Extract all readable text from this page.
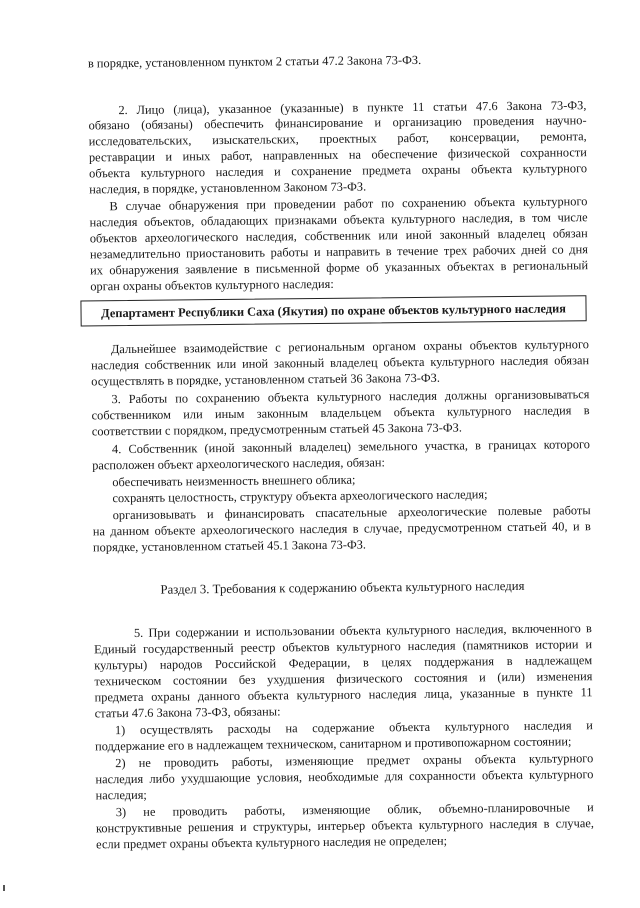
в порядке, установленном пунктом 2 статьи 47.2 Закона 73-ФЗ.

2. Лицо (лица), указанное (указанные) в пункте 11 статьи 47.6 Закона 73-ФЗ,

обязано (обязаны) обеспечить финансирование и организацию проведения научно-

исследовательских, изыскательских, проектных работ, консервации, ремонта,

реставрации и иных работ, направленных на обеспечение физической сохранности

объекта культурного наследия и сохранение предмета охраны объекта культурного

наследия, в порядке, установленном Законом 73-ФЗ.

В случае обнаружения при проведении работ по сохранению объекта культурного

наследия объектов, обладающих признаками объекта культурного наследия, в том числе

объектов археологического наследия, собственник или иной законный владелец обязан

незамедлительно приостановить работы и направить в течение трех рабочих дней со дня

их обнаружения заявление в письменной форме об указанных объектах в региональный

орган охраны объектов культурного наследия:

Департамент Республики Саха (Якутия) по охране объектов культурного наследия

Дальнейшее взаимодействие с региональным органом охраны объектов культурного

наследия собственник или иной законный владелец объекта культурного наследия обязан

осуществлять в порядке, установленном статьей 36 Закона 73-ФЗ.

3. Работы по сохранению объекта культурного наследия должны организовываться

собственником или иным законным владельцем объекта культурного наследия в

соответствии с порядком, предусмотренным статьей 45 Закона 73-ФЗ.

4. Собственник (иной законный владелец) земельного участка, в границах которого

расположен объект археологического наследия, обязан:

обеспечивать неизменность внешнего облика;

сохранять целостность, структуру объекта археологического наследия;

организовывать и финансировать спасательные археологические полевые работы

на данном объекте археологического наследия в случае, предусмотренном статьей 40, и в

порядке, установленном статьей 45.1 Закона 73-ФЗ.

Раздел 3. Требования к содержанию объекта культурного наследия

5. При содержании и использовании объекта культурного наследия, включенного в

Единый государственный реестр объектов культурного наследия (памятников истории и

культуры) народов Российской Федерации, в целях поддержания в надлежащем

техническом состоянии без ухудшения физического состояния и (или) изменения

предмета охраны данного объекта культурного наследия лица, указанные в пункте 11

статьи 47.6 Закона 73-ФЗ, обязаны:

1) осуществлять расходы на содержание объекта культурного наследия и

поддержание его в надлежащем техническом, санитарном и противопожарном состоянии;

2) не проводить работы, изменяющие предмет охраны объекта культурного

наследия либо ухудшающие условия, необходимые для сохранности объекта культурного

наследия;

3) не проводить работы, изменяющие облик, объемно-планировочные и

конструктивные решения и структуры, интерьер объекта культурного наследия в случае,

если предмет охраны объекта культурного наследия не определен;
